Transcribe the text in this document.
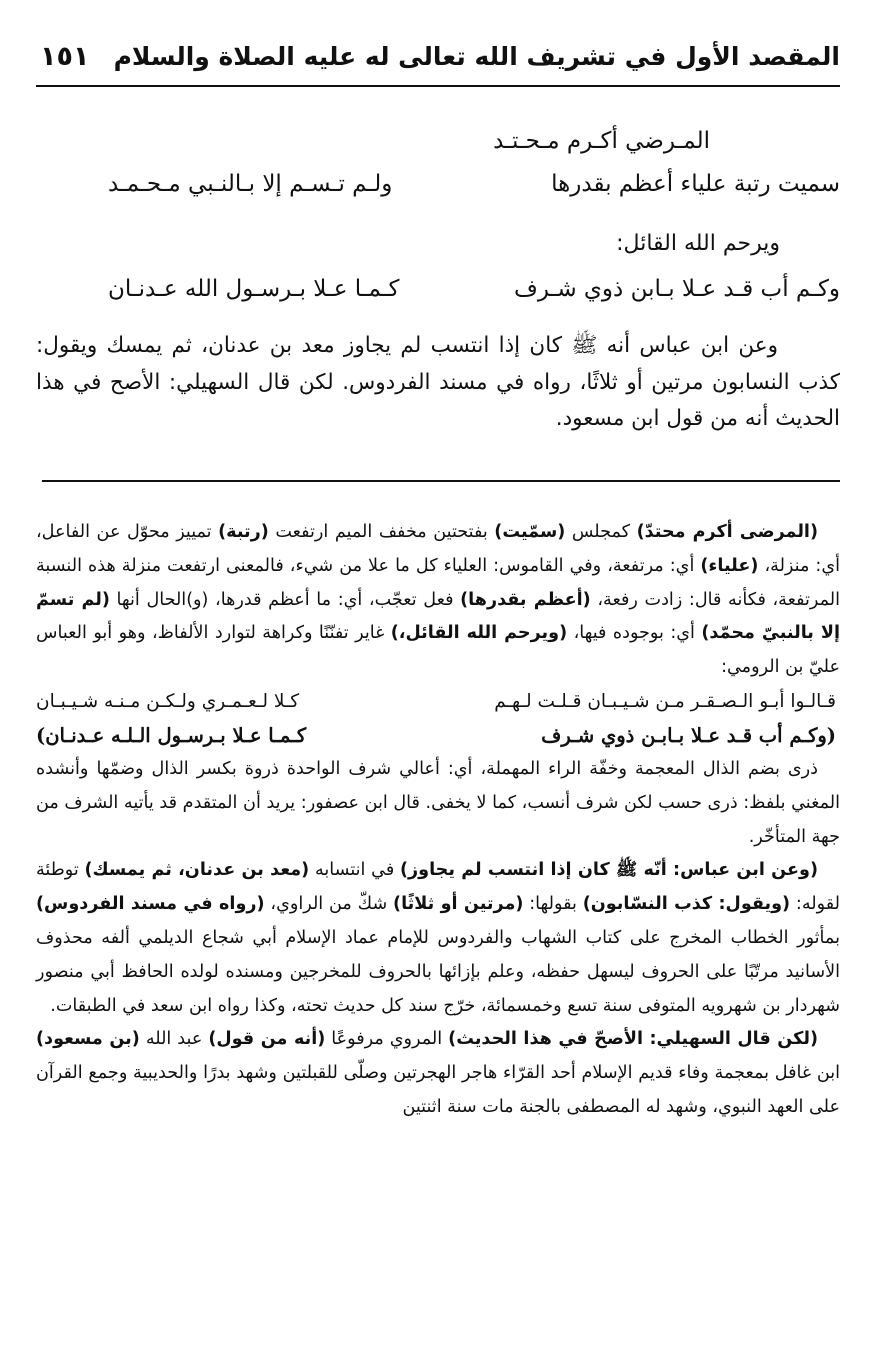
المقصد الأول في تشريف الله تعالى له عليه الصلاة والسلام
١٥١
المـرضي أكـرم مـحـتـد
سميت رتبة علياء أعظم بقدرها
ولـم تـسـم إلا بـالنـبي مـحـمـد
ويرحم الله القائل:
وكـم أب قـد عـلا بـابن ذوي شـرف
كـمـا عـلا بـرسـول الله عـدنـان
وعن ابن عباس أنه ﷺ كان إذا انتسب لم يجاوز معد بن عدنان، ثم يمسك ويقول: كذب النسابون مرتين أو ثلاثًا، رواه في مسند الفردوس. لكن قال السهيلي: الأصح في هذا الحديث أنه من قول ابن مسعود.

(المرضى أكرم محتدّ) كمجلس (سمّيت) بفتحتين مخفف الميم ارتفعت (رتبة) تمييز محوّل عن الفاعل، أي: منزلة، (علياء) أي: مرتفعة، وفي القاموس: العلياء كل ما علا من شيء، فالمعنى ارتفعت منزلة هذه النسبة المرتفعة، فكأنه قال: زادت رفعة، (أعظم بقدرها) فعل تعجّب، أي: ما أعظم قدرها، (و)الحال أنها (لم تسمّ إلا بالنبيّ محمّد) أي: بوجوده فيها، (ويرحم الله القائل،) غاير تفنّنًا وكراهة لتوارد الألفاظ، وهو أبو العباس عليّ بن الرومي:

قـالـوا أبـو الـصـقـر مـن شـيـبـان قـلـت لـهـم
كـلا لـعـمـري ولـكـن مـنـه شـيـبـان
(وكـم أب قـد عـلا بـابـن ذوي شـرف
كـمـا عـلا بـرسـول الـلـه عـدنـان)

ذرى بضم الذال المعجمة وخفّة الراء المهملة، أي: أعالي شرف الواحدة ذروة بكسر الذال وضمّها وأنشده المغني بلفظ: ذرى حسب لكن شرف أنسب، كما لا يخفى. قال ابن عصفور: يريد أن المتقدم قد يأتيه الشرف من جهة المتأخّر.

(وعن ابن عباس: أنّه ﷺ كان إذا انتسب لم يجاوز) في انتسابه (معد بن عدنان، ثم يمسك) توطئة لقوله: (ويقول: كذب النسّابون) بقولها: (مرتين أو ثلاثًا) شكّ من الراوي، (رواه في مسند الفردوس) بمأثور الخطاب المخرج على كتاب الشهاب والفردوس للإمام عماد الإسلام أبي شجاع الديلمي ألفه محذوف الأسانيد مرتّبًا على الحروف ليسهل حفظه، وعلم بإزائها بالحروف للمخرجين ومسنده لولده الحافظ أبي منصور شهردار بن شهرويه المتوفى سنة تسع وخمسمائة، خرّج سند كل حديث تحته، وكذا رواه ابن سعد في الطبقات.

(لكن قال السهيلي: الأصحّ في هذا الحديث) المروي مرفوعًا (أنه من قول) عبد الله (بن مسعود) ابن غافل بمعجمة وفاء قديم الإسلام أحد القرّاء هاجر الهجرتين وصلّى للقبلتين وشهد بدرًا والحديبية وجمع القرآن على العهد النبوي، وشهد له المصطفى بالجنة مات سنة اثنتين
